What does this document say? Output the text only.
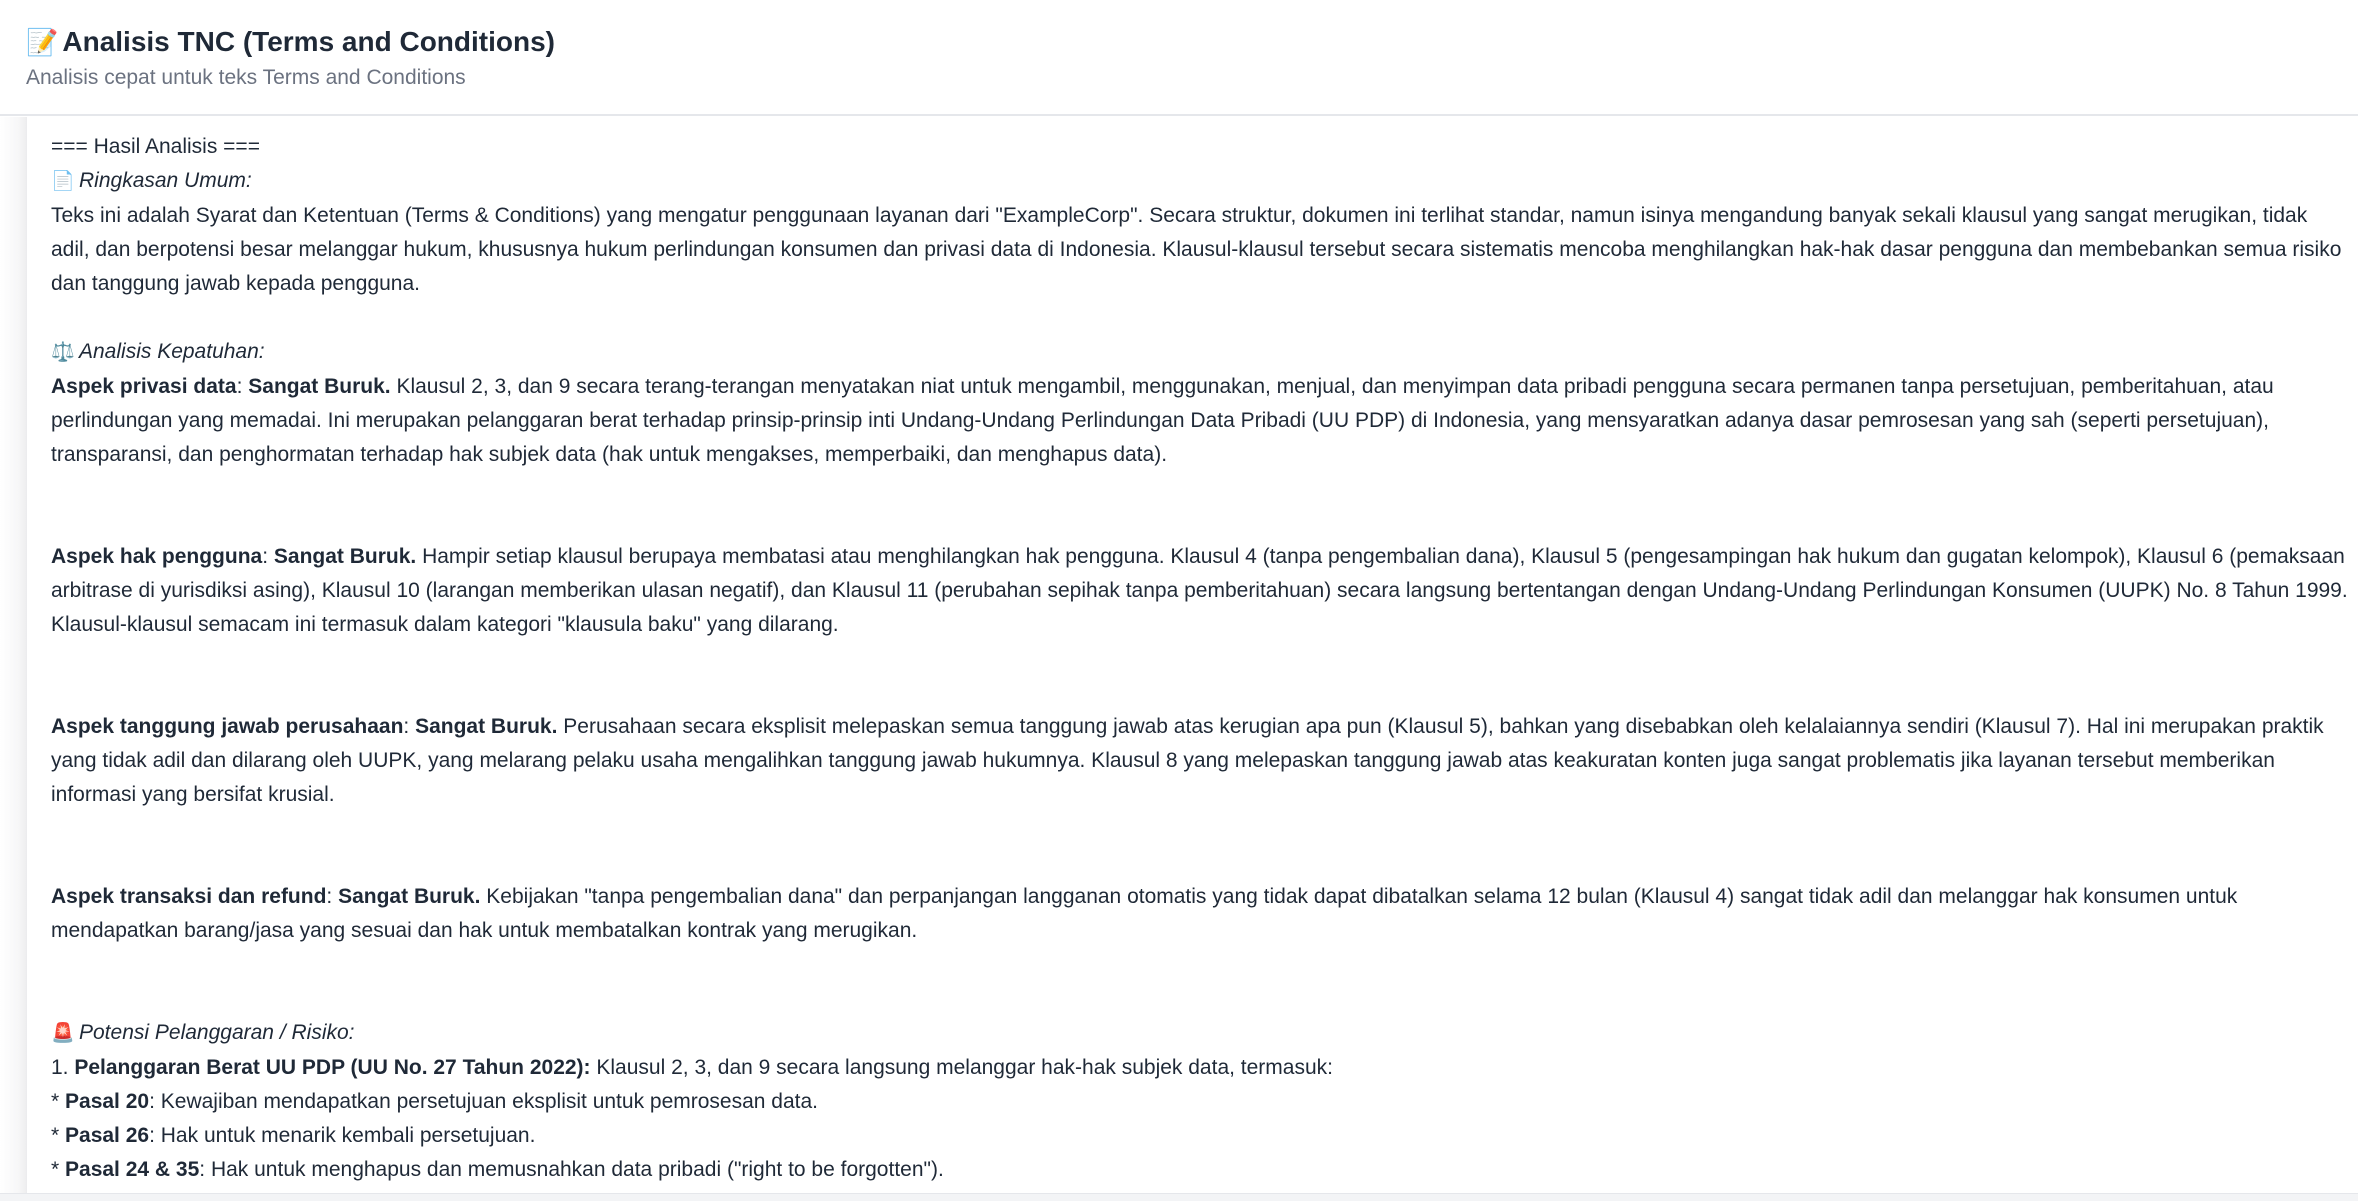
📝 Analisis TNC (Terms and Conditions)
Analisis cepat untuk teks Terms and Conditions
=== Hasil Analisis ===
📄 Ringkasan Umum:
Teks ini adalah Syarat dan Ketentuan (Terms & Conditions) yang mengatur penggunaan layanan dari "ExampleCorp". Secara struktur, dokumen ini terlihat standar, namun isinya mengandung banyak sekali klausul yang sangat merugikan, tidak adil, dan berpotensi besar melanggar hukum, khususnya hukum perlindungan konsumen dan privasi data di Indonesia. Klausul-klausul tersebut secara sistematis mencoba menghilangkan hak-hak dasar pengguna dan membebankan semua risiko dan tanggung jawab kepada pengguna.
⚖️ Analisis Kepatuhan:
Aspek privasi data: Sangat Buruk. Klausul 2, 3, dan 9 secara terang-terangan menyatakan niat untuk mengambil, menggunakan, menjual, dan menyimpan data pribadi pengguna secara permanen tanpa persetujuan, pemberitahuan, atau perlindungan yang memadai. Ini merupakan pelanggaran berat terhadap prinsip-prinsip inti Undang-Undang Perlindungan Data Pribadi (UU PDP) di Indonesia, yang mensyaratkan adanya dasar pemrosesan yang sah (seperti persetujuan), transparansi, dan penghormatan terhadap hak subjek data (hak untuk mengakses, memperbaiki, dan menghapus data).
Aspek hak pengguna: Sangat Buruk. Hampir setiap klausul berupaya membatasi atau menghilangkan hak pengguna. Klausul 4 (tanpa pengembalian dana), Klausul 5 (pengesampingan hak hukum dan gugatan kelompok), Klausul 6 (pemaksaan arbitrase di yurisdiksi asing), Klausul 10 (larangan memberikan ulasan negatif), dan Klausul 11 (perubahan sepihak tanpa pemberitahuan) secara langsung bertentangan dengan Undang-Undang Perlindungan Konsumen (UUPK) No. 8 Tahun 1999. Klausul-klausul semacam ini termasuk dalam kategori "klausula baku" yang dilarang.
Aspek tanggung jawab perusahaan: Sangat Buruk. Perusahaan secara eksplisit melepaskan semua tanggung jawab atas kerugian apa pun (Klausul 5), bahkan yang disebabkan oleh kelalaiannya sendiri (Klausul 7). Hal ini merupakan praktik yang tidak adil dan dilarang oleh UUPK, yang melarang pelaku usaha mengalihkan tanggung jawab hukumnya. Klausul 8 yang melepaskan tanggung jawab atas keakuratan konten juga sangat problematis jika layanan tersebut memberikan informasi yang bersifat krusial.
Aspek transaksi dan refund: Sangat Buruk. Kebijakan "tanpa pengembalian dana" dan perpanjangan langganan otomatis yang tidak dapat dibatalkan selama 12 bulan (Klausul 4) sangat tidak adil dan melanggar hak konsumen untuk mendapatkan barang/jasa yang sesuai dan hak untuk membatalkan kontrak yang merugikan.
🚨 Potensi Pelanggaran / Risiko:
1. Pelanggaran Berat UU PDP (UU No. 27 Tahun 2022): Klausul 2, 3, dan 9 secara langsung melanggar hak-hak subjek data, termasuk:
* Pasal 20: Kewajiban mendapatkan persetujuan eksplisit untuk pemrosesan data.
* Pasal 26: Hak untuk menarik kembali persetujuan.
* Pasal 24 & 35: Hak untuk menghapus dan memusnahkan data pribadi ("right to be forgotten").
